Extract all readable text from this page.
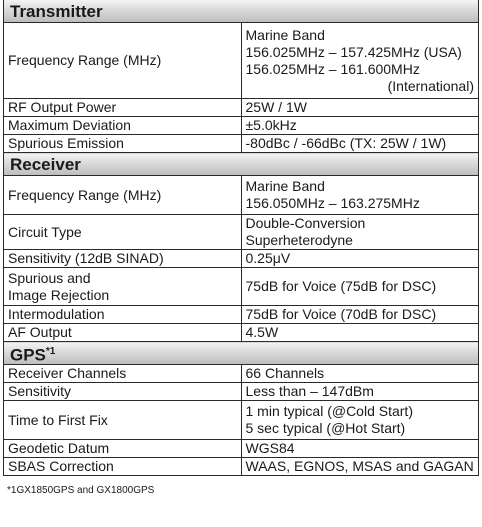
Transmitter	
Frequency Range (MHz)	Marine Band
156.025MHz – 157.425MHz (USA)
156.025MHz – 161.600MHz
(International)

RF Output Power	25W / 1W
Maximum Deviation	±5.0kHz
Spurious Emission	-80dBc / -66dBc (TX: 25W / 1W)
Receiver	
Frequency Range (MHz)	Marine Band
156.050MHz – 163.275MHz

Circuit Type	Double-Conversion Superheterodyne
Sensitivity (12dB SINAD)	0.25μV

Spurious and
Image Rejection	75dB for Voice (75dB for DSC)
Intermodulation	75dB for Voice (70dB for DSC)
AF Output	4.5W
GPS$^{*1}$
Receiver Channels	66 Channels
Sensitivity	Less than – 147dBm
Time to First Fix	1 min typical (@Cold Start)
5 sec typical (@Hot Start)

Geodetic Datum	WGS84
SBAS Correction	WAAS, EGNOS, MSAS and GAGAN
*1GX1850GPS and GX1800GPS
